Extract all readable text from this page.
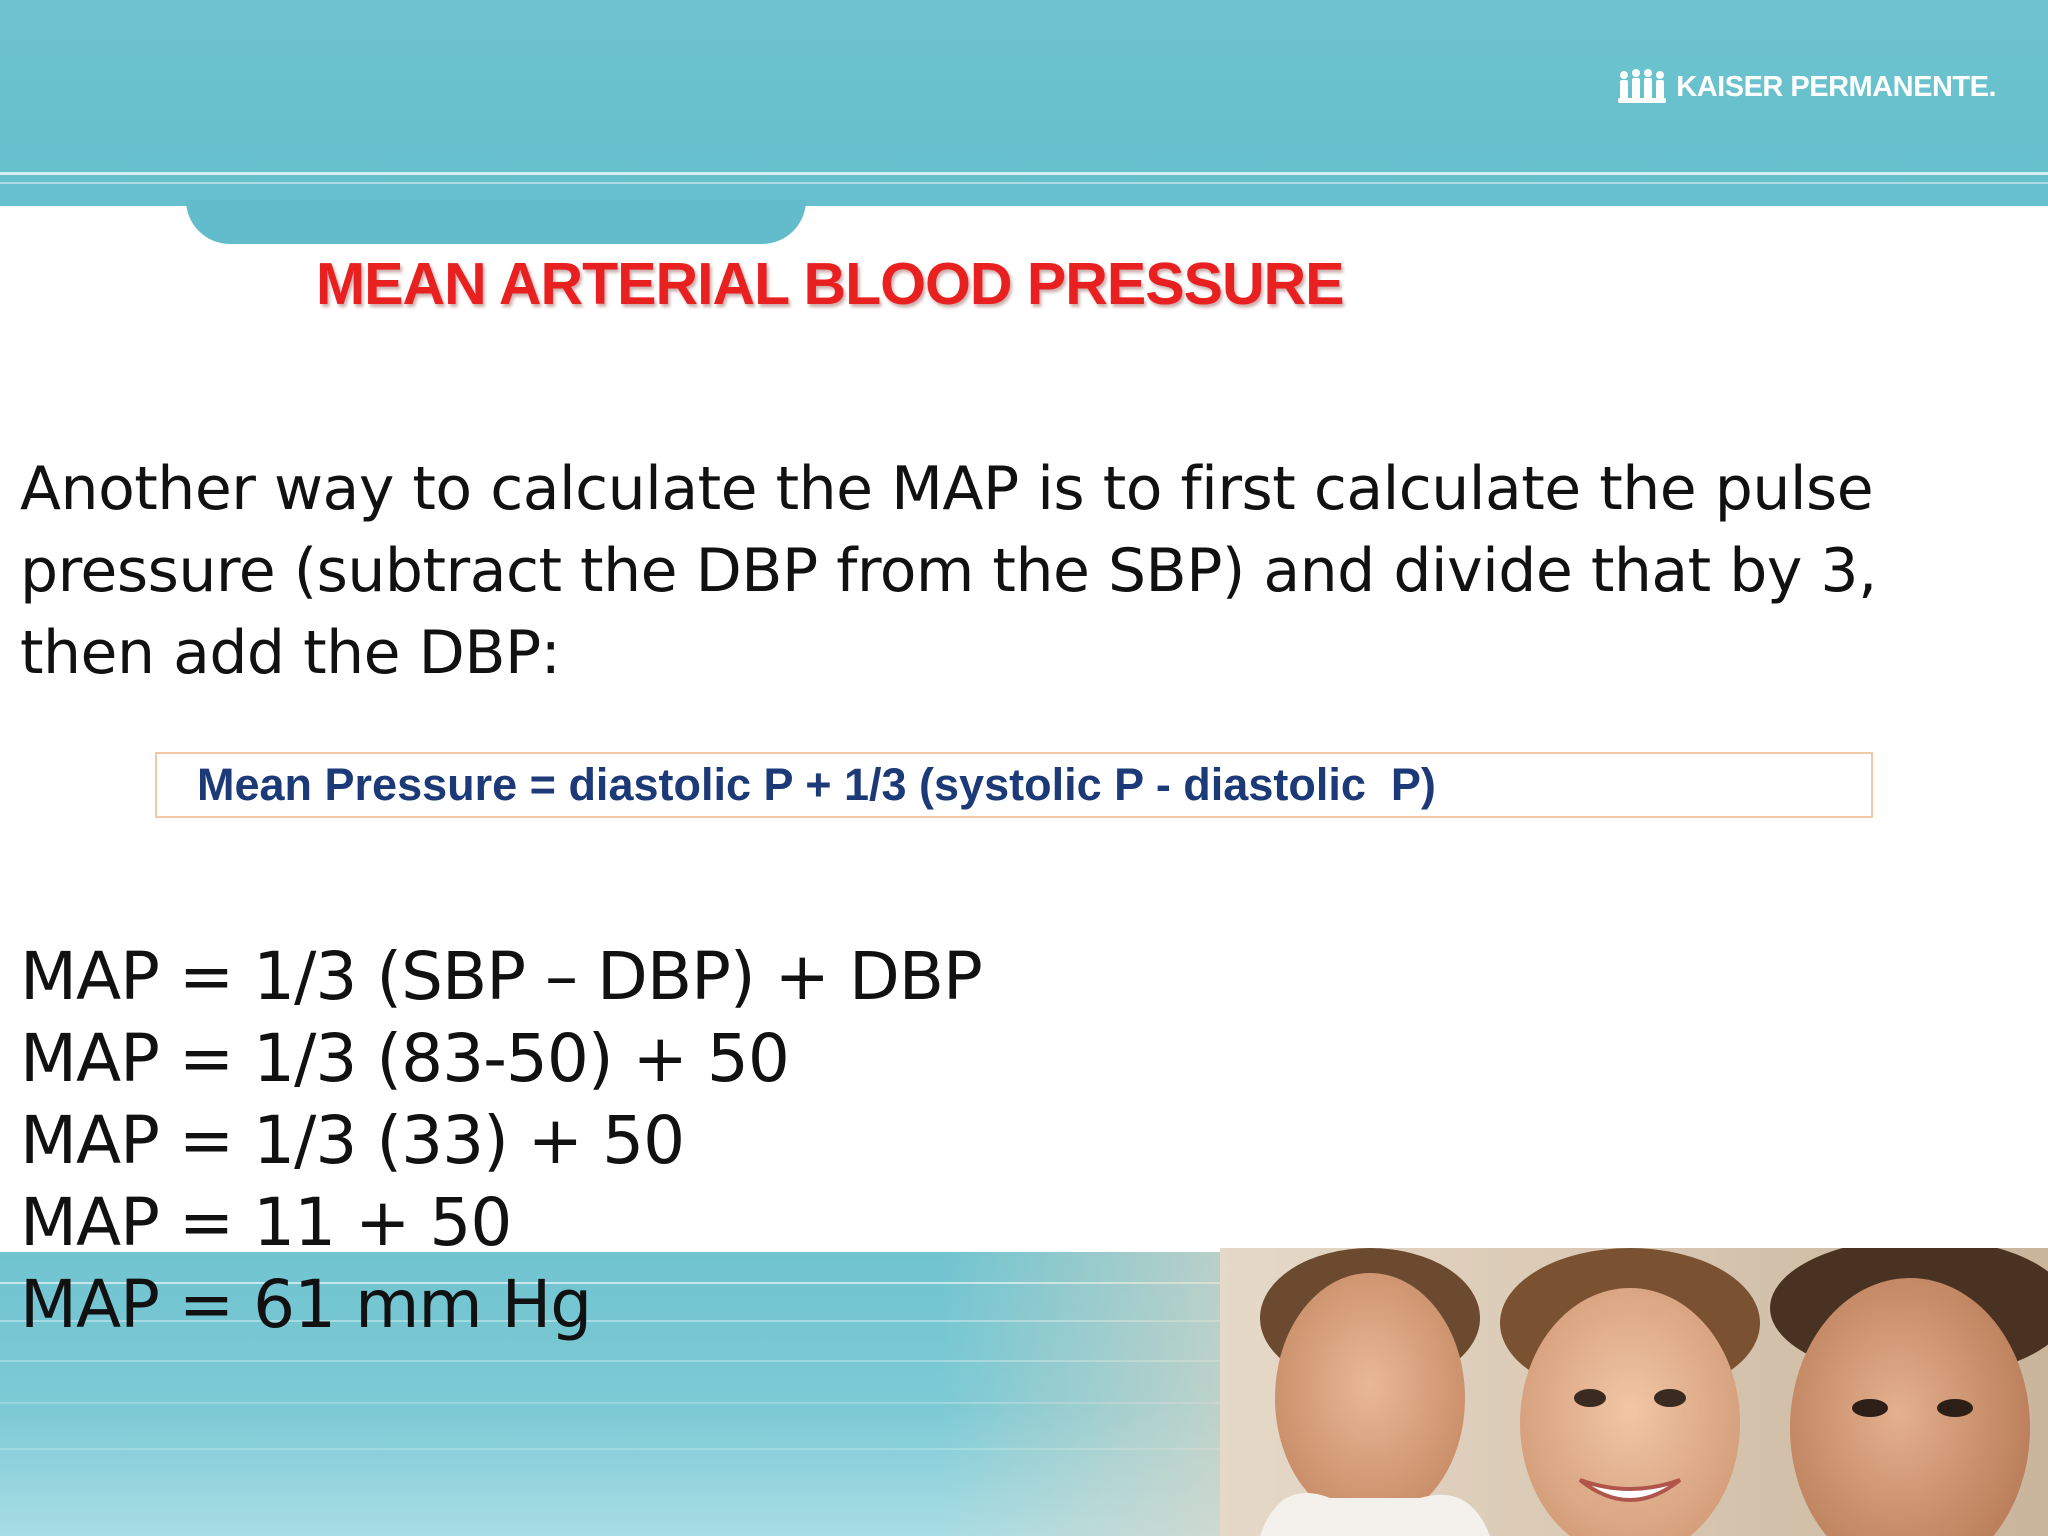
KAISER PERMANENTE.
MEAN ARTERIAL BLOOD PRESSURE

Another way to calculate the MAP is to first calculate the pulse pressure (subtract the DBP from the SBP) and divide that by 3, then add the DBP:

Mean Pressure = diastolic P + 1/3 (systolic P - diastolic  P)
MAP = 1/3 (SBP – DBP) + DBP
MAP = 1/3 (83-50) + 50
MAP = 1/3 (33) + 50
MAP = 11 + 50
MAP = 61 mm Hg
